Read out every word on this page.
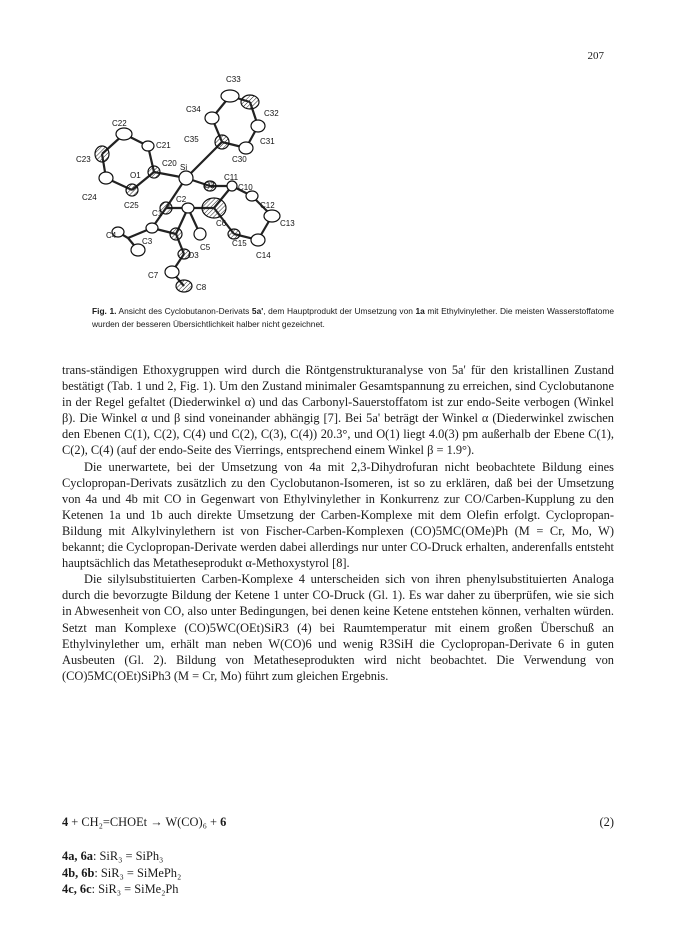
207
C33
C34	C32
C31
C35
C30
C22
C21
C23	C20
O1
Si
O2
C11
C10
C24
C25
C1
C2
C12
C13
C6
C4
C3
C5	C15
C14
O3
C7
C8
Fig. 1. Ansicht des Cyclobutanon-Derivats 5a', dem Hauptprodukt der Umsetzung von 1a mit Ethylvinylether. Die meisten Wasserstoffatome wurden der besseren Übersichtlichkeit halber nicht gezeichnet.

trans-ständigen Ethoxygruppen wird durch die Röntgenstrukturanalyse von 5a' für den kristallinen Zustand bestätigt (Tab. 1 und 2, Fig. 1). Um den Zustand minimaler Gesamtspannung zu erreichen, sind Cyclobutanone in der Regel gefaltet (Diederwinkel α) und das Carbonyl-Sauerstoffatom ist zur endo-Seite verbogen (Winkel β). Die Winkel α und β sind voneinander abhängig [7]. Bei 5a' beträgt der Winkel α (Diederwinkel zwischen den Ebenen C(1), C(2), C(4) und C(2), C(3), C(4)) 20.3°, und O(1) liegt 4.0(3) pm außerhalb der Ebene C(1), C(2), C(4) (auf der endo-Seite des Vierrings, entsprechend einem Winkel β = 1.9°).

Die unerwartete, bei der Umsetzung von 4a mit 2,3-Dihydrofuran nicht beobachtete Bildung eines Cyclopropan-Derivats zusätzlich zu den Cyclobutanon-Isomeren, ist so zu erklären, daß bei der Umsetzung von 4a und 4b mit CO in Gegenwart von Ethylvinylether in Konkurrenz zur CO/Carben-Kupplung zu den Ketenen 1a und 1b auch direkte Umsetzung der Carben-Komplexe mit dem Olefin erfolgt. Cyclopropan-Bildung mit Alkylvinylethern ist von Fischer-Carben-Komplexen (CO)5MC(OMe)Ph (M = Cr, Mo, W) bekannt; die Cyclopropan-Derivate werden dabei allerdings nur unter CO-Druck erhalten, anderenfalls entsteht hauptsächlich das Metatheseprodukt α-Methoxystyrol [8].

Die silylsubstituierten Carben-Komplexe 4 unterscheiden sich von ihren phenylsubstituierten Analoga durch die bevorzugte Bildung der Ketene 1 unter CO-Druck (Gl. 1). Es war daher zu überprüfen, wie sie sich in Abwesenheit von CO, also unter Bedingungen, bei denen keine Ketene entstehen können, verhalten würden. Setzt man Komplexe (CO)5WC(OEt)SiR3 (4) bei Raumtemperatur mit einem großen Überschuß an Ethylvinylether um, erhält man neben W(CO)6 und wenig R3SiH die Cyclopropan-Derivate 6 in guten Ausbeuten (Gl. 2). Bildung von Metatheseprodukten wird nicht beobachtet. Die Verwendung von (CO)5MC(OEt)SiPh3 (M = Cr, Mo) führt zum gleichen Ergebnis.

4 + CH₂=CHOEt → W(CO)₆ + 6	(2)
4a, 6a: SiR₃ = SiPh₃
4b, 6b: SiR₃ = SiMePh₂
4c, 6c: SiR₃ = SiMe₂Ph
